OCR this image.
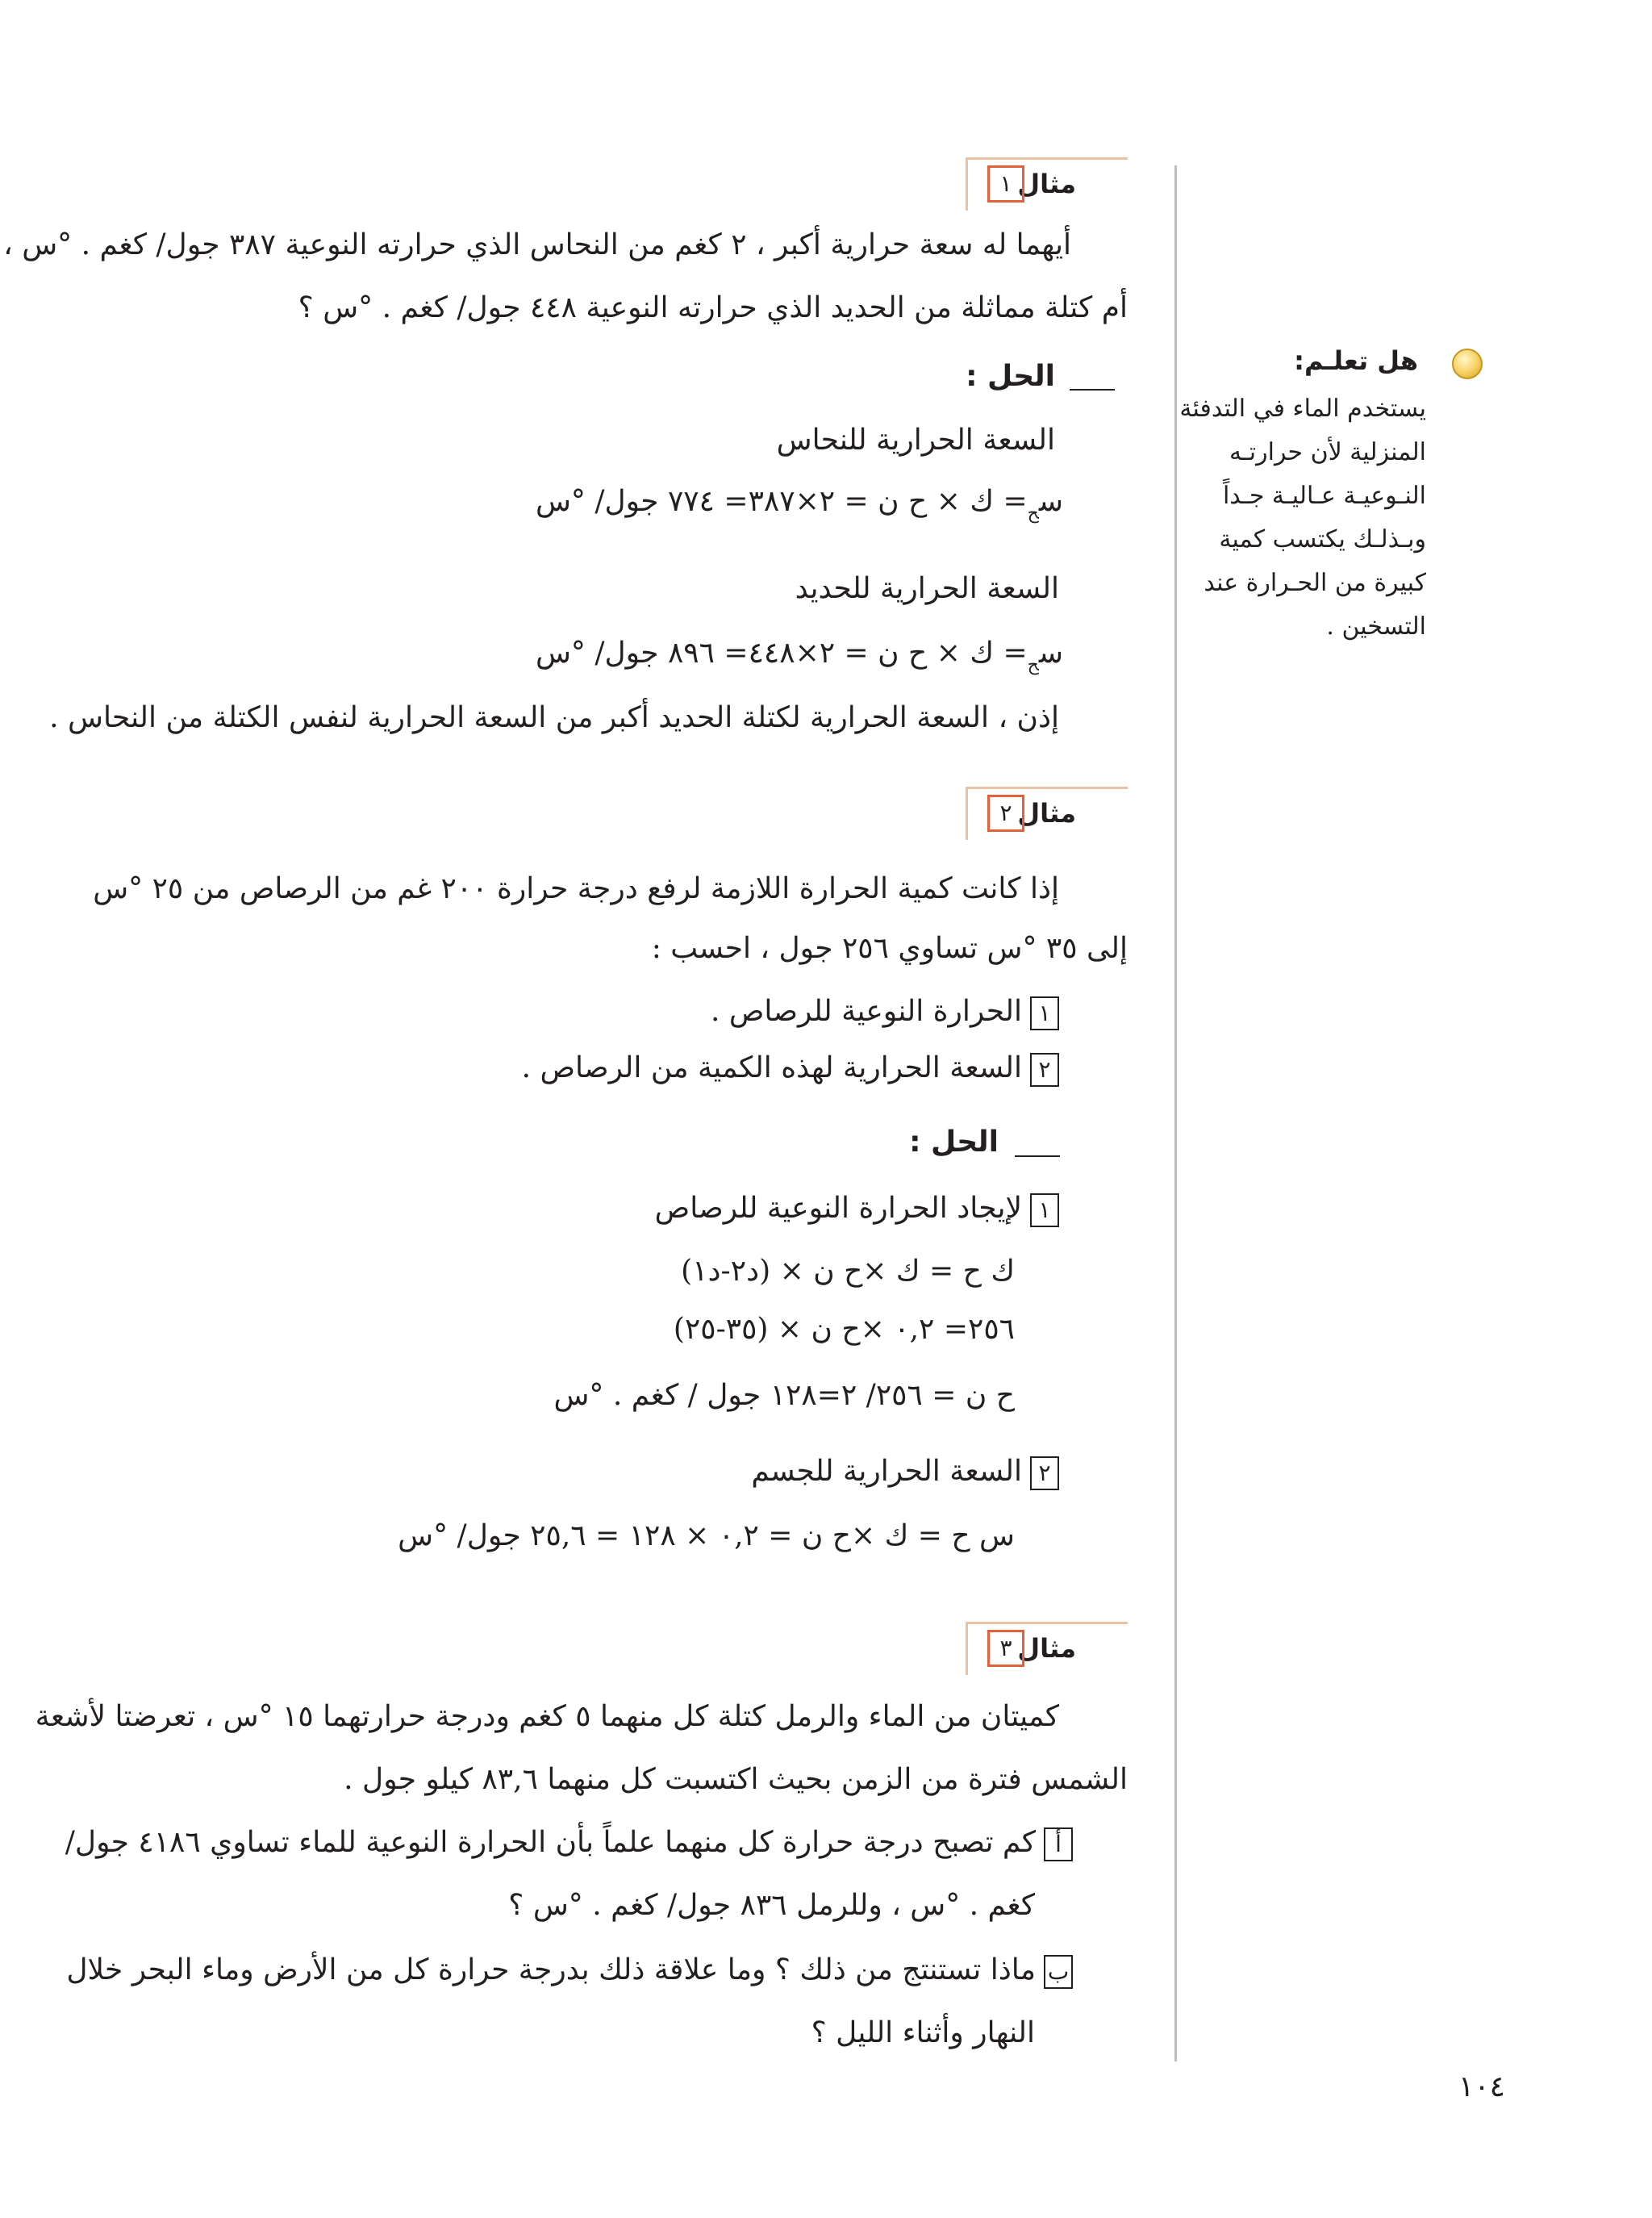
هل تعلـم:
يستخدم الماء في التدفئة
المنزلية لأن حرارتـه
النـوعيـة عـاليـة جـداً
وبـذلـك يكتسب كمية
كبيرة من الحـرارة عند
التسخين .
مثال
١
أيهما له سعة حرارية أكبر ، ٢ كغم من النحاس الذي حرارته النوعية ٣٨٧ جول/ كغم . °س ،
أم كتلة مماثلة من الحديد الذي حرارته النوعية ٤٤٨ جول/ كغم . °س ؟
الحل :
السعة الحرارية للنحاس
س$_ح$= ك × ح ن = ٢×٣٨٧= ٧٧٤ جول/ °س
السعة الحرارية للحديد
س$_ح$= ك × ح ن = ٢×٤٤٨= ٨٩٦ جول/ °س
إذن ، السعة الحرارية لكتلة الحديد أكبر من السعة الحرارية لنفس الكتلة من النحاس .
مثال
٢
إذا كانت كمية الحرارة اللازمة لرفع درجة حرارة ٢٠٠ غم من الرصاص من ٢٥ °س
إلى ٣٥ °س تساوي ٢٥٦ جول ، احسب :
١الحرارة النوعية للرصاص .
٢السعة الحرارية لهذه الكمية من الرصاص .
الحل :
١لإيجاد الحرارة النوعية للرصاص
ك ح = ك ×ح ن × (د٢-د١)
٢٥٦= ٠,٢ ×ح ن × (٣٥-٢٥)
ح ن = ٢٥٦/ ٢=١٢٨ جول / كغم . °س
٢السعة الحرارية للجسم
س ح = ك ×ح ن = ٠,٢ × ١٢٨ = ٢٥,٦ جول/ °س
مثال
٣
كميتان من الماء والرمل كتلة كل منهما ٥ كغم ودرجة حرارتهما ١٥ °س ، تعرضتا لأشعة
الشمس فترة من الزمن بحيث اكتسبت كل منهما ٨٣,٦ كيلو جول .
أكم تصبح درجة حرارة كل منهما علماً بأن الحرارة النوعية للماء تساوي ٤١٨٦ جول/
كغم . °س ، وللرمل ٨٣٦ جول/ كغم . °س ؟
بماذا تستنتج من ذلك ؟ وما علاقة ذلك بدرجة حرارة كل من الأرض وماء البحر خلال
النهار وأثناء الليل ؟
١٠٤
